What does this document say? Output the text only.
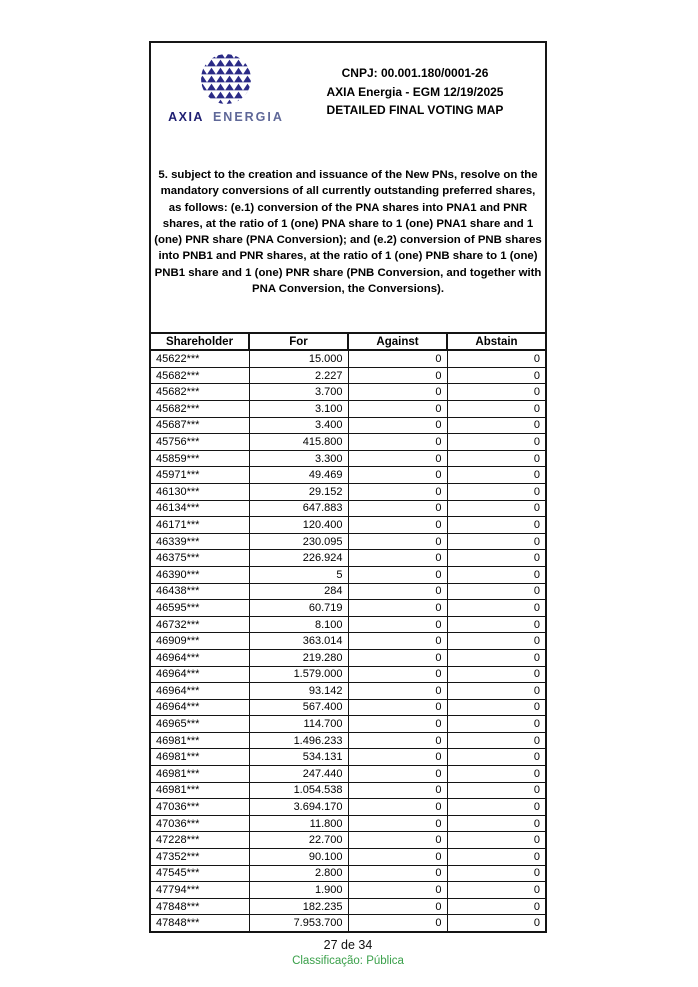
AXIA ENERGIA
CNPJ: 00.001.180/0001-26
AXIA Energia - EGM 12/19/2025
DETAILED FINAL VOTING MAP
5. subject to the creation and issuance of the New PNs, resolve on the mandatory conversions of all currently outstanding preferred shares, as follows: (e.1) conversion of the PNA shares into PNA1 and PNR shares, at the ratio of 1 (one) PNA share to 1 (one) PNA1 share and 1 (one) PNR share (PNA Conversion); and (e.2) conversion of PNB shares into PNB1 and PNR shares, at the ratio of 1 (one) PNB share to 1 (one) PNB1 share and 1 (one) PNR share (PNB Conversion, and together with PNA Conversion, the Conversions).
Shareholder	For	Against	Abstain
45622***	15.000	0	0
45682***	2.227	0	0
45682***	3.700	0	0
45682***	3.100	0	0
45687***	3.400	0	0
45756***	415.800	0	0
45859***	3.300	0	0
45971***	49.469	0	0
46130***	29.152	0	0
46134***	647.883	0	0
46171***	120.400	0	0
46339***	230.095	0	0
46375***	226.924	0	0
46390***	5	0	0
46438***	284	0	0
46595***	60.719	0	0
46732***	8.100	0	0
46909***	363.014	0	0
46964***	219.280	0	0
46964***	1.579.000	0	0
46964***	93.142	0	0
46964***	567.400	0	0
46965***	114.700	0	0
46981***	1.496.233	0	0
46981***	534.131	0	0
46981***	247.440	0	0
46981***	1.054.538	0	0
47036***	3.694.170	0	0
47036***	11.800	0	0
47228***	22.700	0	0
47352***	90.100	0	0
47545***	2.800	0	0
47794***	1.900	0	0
47848***	182.235	0	0
47848***	7.953.700	0	0
27 de 34
Classificação: Pública
